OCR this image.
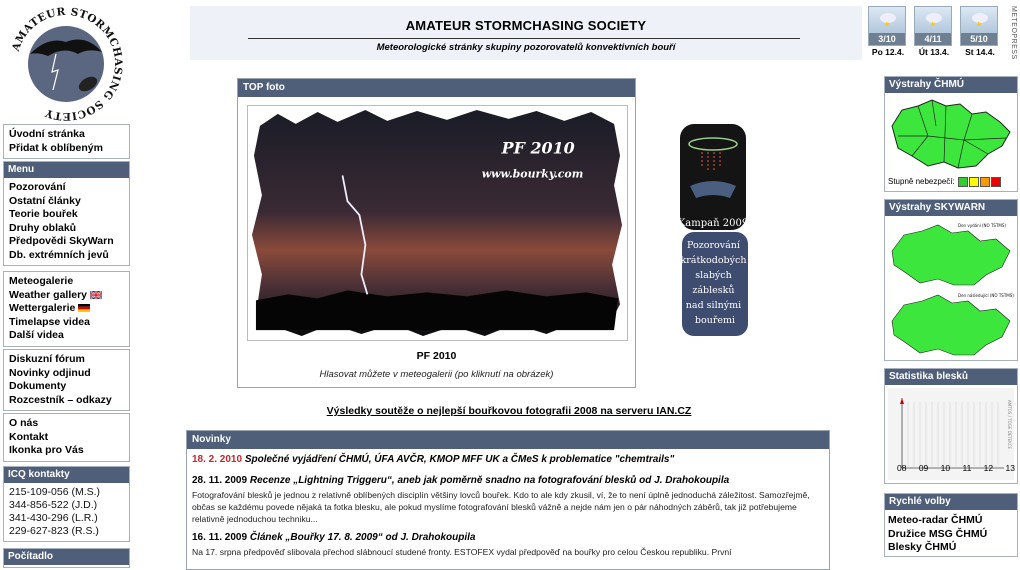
AMATEUR STORMCHASING SOCIETY
AMATEUR STORMCHASING SOCIETY
Meteorologické stránky skupiny pozorovatelů konvektivních bouří
3/10
Po 12.4.
4/11
Út 13.4.
5/10
St 14.4.	METEOPRESS
Úvodní stránka
Přidat k oblíbeným
Menu
Pozorování
Ostatní články
Teorie bouřek
Druhy oblaků
Předpovědi SkyWarn
Db. extrémních jevů
Meteogalerie
Weather gallery
Wettergalerie
Timelapse videa
Další videa
Diskuzní fórum
Novinky odjinud
Dokumenty
Rozcestník – odkazy
O nás
Kontakt
Ikonka pro Vás
ICQ kontakty
215-109-056 (M.S.)
344-856-522 (J.D.)
341-430-296 (L.R.)
229-627-823 (R.S.)
Počítadlo
TOP foto
PF 2010
www.bourky.com
PF 2010
Hlasovat můžete v meteogalerii (po kliknutí na obrázek)
Kampaň 2009
Pozorování krátkodobých slabých záblesků nad silnými bouřemi
Výsledky soutěže o nejlepší bouřkovou fotografii 2008 na serveru IAN.CZ
Novinky
18. 2. 2010 Společné vyjádření ČHMÚ, ÚFA AVČR, KMOP MFF UK a ČMeS k problematice "chemtrails"
28. 11. 2009 Recenze „Lightning Triggeru“, aneb jak poměrně snadno na fotografování blesků od J. Drahokoupila

Fotografování blesků je jednou z relativně oblíbených disciplín většiny lovců bouřek. Kdo to ale kdy zkusil, ví, že to není úplně jednoduchá záležitost. Samozřejmě, občas se každému povede nějaká ta fotka blesku, ale pokud myslíme fotografování blesků vážně a nejde nám jen o pár náhodných záběrů, tak již potřebujeme relativně jednoduchou techniku...

16. 11. 2009 Článek „Bouřky 17. 8. 2009“ od J. Drahokoupila

Na 17. srpna předpověď slibovala přechod slábnoucí studené fronty. ESTOFEX vydal předpověď na bouřky pro celou Českou republiku. První

Výstrahy ČHMÚ
Stupně nebezpečí:
Výstrahy SKYWARN
Den vydání (NO TSTMS)
Den následující (NO TSTMS)
Statistika blesků
AMTOS / TOGE DETEKCE
08 09 10 11 12 13
Rychlé volby
Meteo-radar ČHMÚ
Družice MSG ČHMÚ
Blesky ČHMÚ
